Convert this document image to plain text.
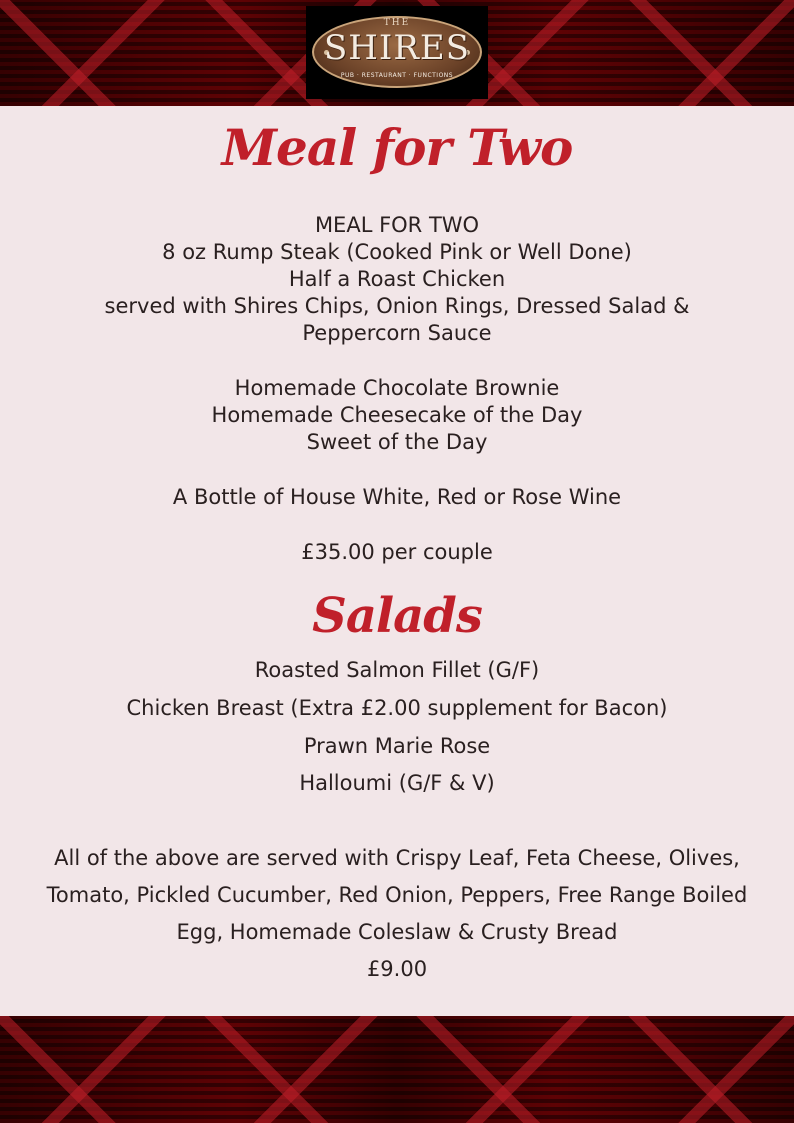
THE
SHIRES
PUB · RESTAURANT · FUNCTIONS
Meal for Two
MEAL FOR TWO
8 oz Rump Steak (Cooked Pink or Well Done)
Half a Roast Chicken
served with Shires Chips, Onion Rings, Dressed Salad &
Peppercorn Sauce
Homemade Chocolate Brownie
Homemade Cheesecake of the Day
Sweet of the Day
A Bottle of House White, Red or Rose Wine
£35.00 per couple
Salads
Roasted Salmon Fillet (G/F)
Chicken Breast (Extra £2.00 supplement for Bacon)
Prawn Marie Rose
Halloumi (G/F & V)
All of the above are served with Crispy Leaf, Feta Cheese, Olives,
Tomato, Pickled Cucumber, Red Onion, Peppers, Free Range Boiled
Egg, Homemade Coleslaw & Crusty Bread
£9.00
